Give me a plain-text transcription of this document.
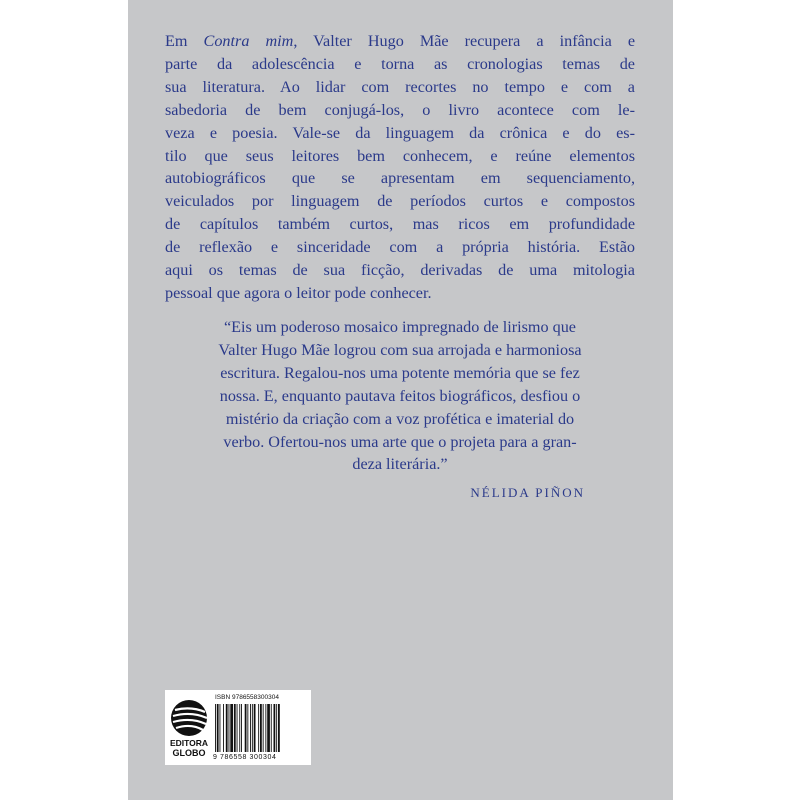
Em Contra mim, Valter Hugo Mãe recupera a infância e
parte da adolescência e torna as cronologias temas de
sua literatura. Ao lidar com recortes no tempo e com a
sabedoria de bem conjugá-los, o livro acontece com le-
veza e poesia. Vale-se da linguagem da crônica e do es-
tilo que seus leitores bem conhecem, e reúne elementos
autobiográficos que se apresentam em sequenciamento,
veiculados por linguagem de períodos curtos e compostos
de capítulos também curtos, mas ricos em profundidade
de reflexão e sinceridade com a própria história. Estão
aqui os temas de sua ficção, derivadas de uma mitologia
pessoal que agora o leitor pode conhecer.
“Eis um poderoso mosaico impregnado de lirismo que
Valter Hugo Mãe logrou com sua arrojada e harmoniosa
escritura. Regalou-nos uma potente memória que se fez
nossa. E, enquanto pautava feitos biográficos, desfiou o
mistério da criação com a voz profética e imaterial do
verbo. Ofertou-nos uma arte que o projeta para a gran-
deza literária.”
NÉLIDA PIÑON
EDITORA
GLOBO
ISBN 9786558300304
9 786558 300304
